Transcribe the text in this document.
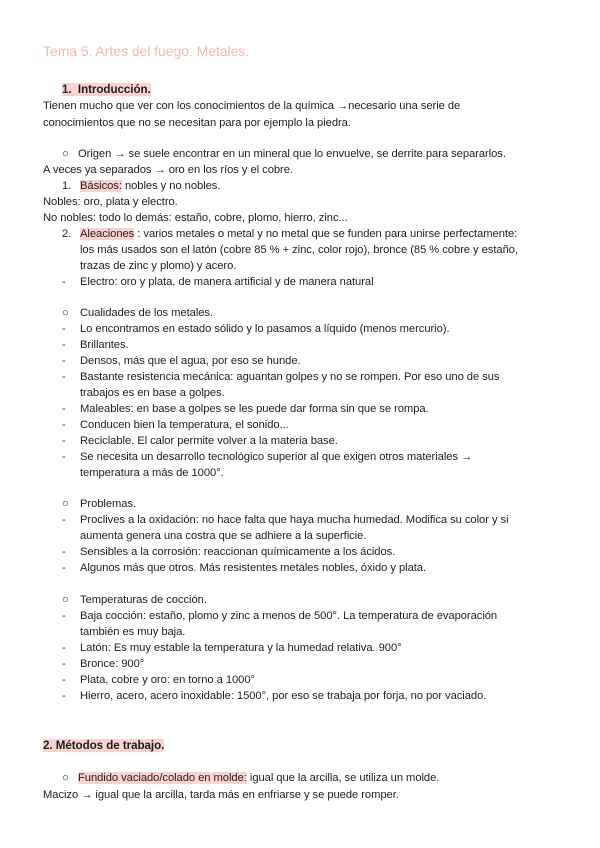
Tema 5. Artes del fuego. Metales.
1. Introducción.
Tienen mucho que ver con los conocimientos de la química →necesario una serie de
conocimientos que no se necesitan para por ejemplo la piedra.
○ Origen → se suele encontrar en un mineral que lo envuelve, se derrite para separarlos.
A veces ya separados → oro en los ríos y el cobre.
1. Básicos: nobles y no nobles.
Nobles: oro, plata y electro.
No nobles: todo lo demás: estaño, cobre, plomo, hierro, zinc...
2. Aleaciones : varios metales o metal y no metal que se funden para unirse perfectamente:
los más usados son el latón (cobre 85 % + zinc, color rojo), bronce (85 % cobre y estaño,
trazas de zinc y plomo) y acero.
- Electro: oro y plata, de manera artificial y de manera natural
○ Cualidades de los metales.
- Lo encontramos en estado sólido y lo pasamos a líquido (menos mercurio).
- Brillantes.
- Densos, más que el agua, por eso se hunde.
- Bastante resistencia mecánica: aguantan golpes y no se rompen. Por eso uno de sus
trabajos es en base a golpes.
- Maleables: en base a golpes se les puede dar forma sin que se rompa.
- Conducen bien la temperatura, el sonido...
- Reciclable. El calor permite volver a la materia base.
- Se necesita un desarrollo tecnológico superior al que exigen otros materiales →
temperatura a más de 1000°.
○ Problemas.
- Proclives a la oxidación: no hace falta que haya mucha humedad. Modifica su color y si
aumenta genera una costra que se adhiere a la superficie.
- Sensibles a la corrosión: reaccionan químicamente a los ácidos.
- Algunos más que otros. Más resistentes metales nobles, óxido y plata.
○ Temperaturas de cocción.
- Baja cocción: estaño, plomo y zinc a menos de 500°. La temperatura de evaporación
también es muy baja.
- Latón: Es muy estable la temperatura y la humedad relativa. 900°
- Bronce: 900°
- Plata, cobre y oro: en torno a 1000°
- Hierro, acero, acero inoxidable: 1500°, por eso se trabaja por forja, no por vaciado.
2. Métodos de trabajo.
○ Fundido vaciado/colado en molde: igual que la arcilla, se utiliza un molde.
Macizo → igual que la arcilla, tarda más en enfriarse y se puede romper.
